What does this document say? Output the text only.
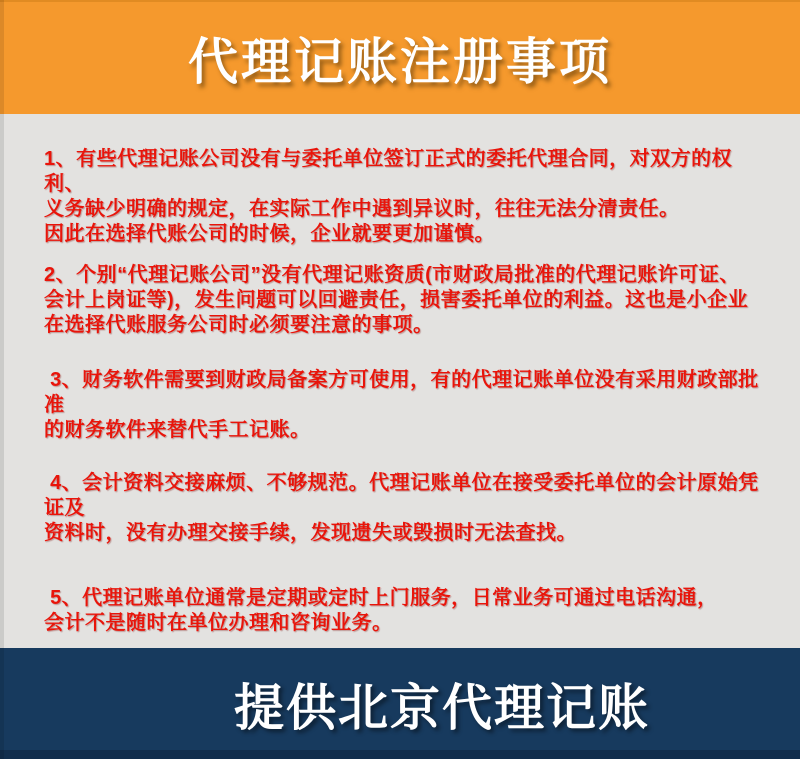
代理记账注册事项
1、有些代理记账公司没有与委托单位签订正式的委托代理合同，对双方的权利、
义务缺少明确的规定，在实际工作中遇到异议时，往往无法分清责任。
因此在选择代账公司的时候，企业就要更加谨慎。
2、个别“代理记账公司”没有代理记账资质(市财政局批准的代理记账许可证、
会计上岗证等)，发生问题可以回避责任，损害委托单位的利益。这也是小企业
在选择代账服务公司时必须要注意的事项。
3、财务软件需要到财政局备案方可使用，有的代理记账单位没有采用财政部批准
的财务软件来替代手工记账。
4、会计资料交接麻烦、不够规范。代理记账单位在接受委托单位的会计原始凭证及
资料时，没有办理交接手续，发现遗失或毁损时无法查找。
5、代理记账单位通常是定期或定时上门服务，日常业务可通过电话沟通，
会计不是随时在单位办理和咨询业务。
提供北京代理记账
